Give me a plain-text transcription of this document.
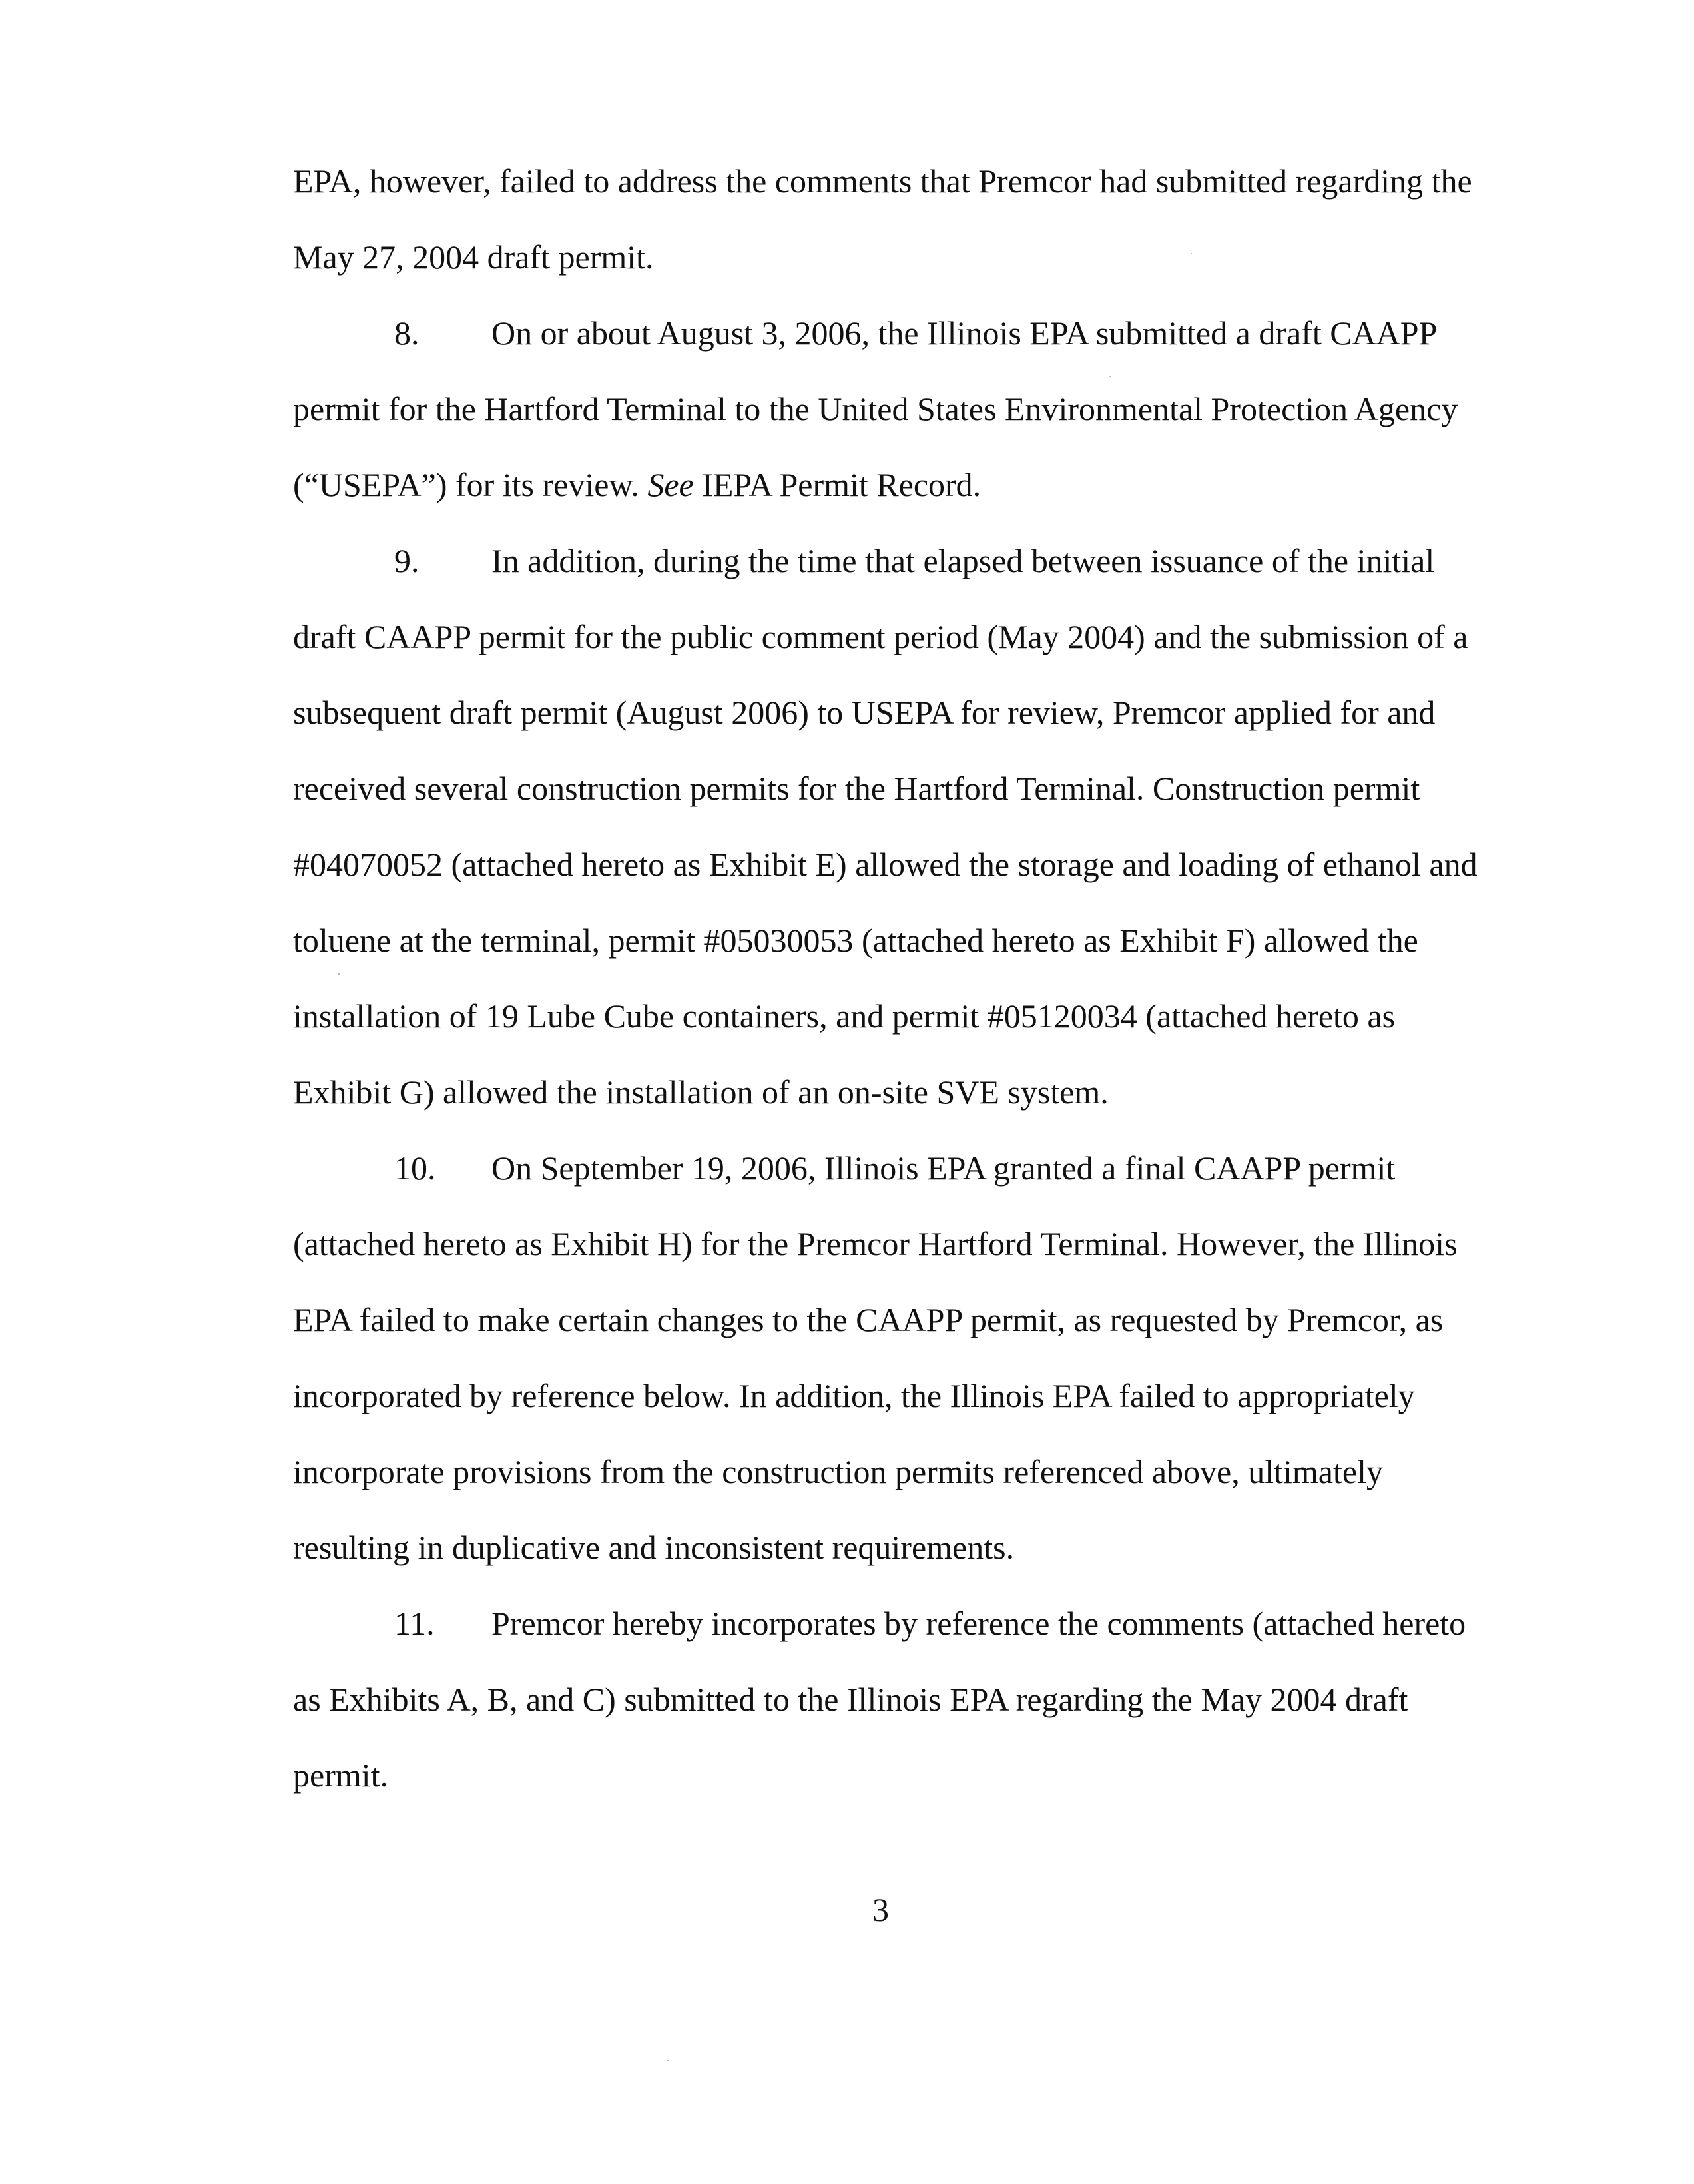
EPA, however, failed to address the comments that Premcor had submitted regarding the
May 27, 2004 draft permit.
8. On or about August 3, 2006, the Illinois EPA submitted a draft CAAPP
permit for the Hartford Terminal to the United States Environmental Protection Agency
(“USEPA”) for its review. See IEPA Permit Record.
9. In addition, during the time that elapsed between issuance of the initial
draft CAAPP permit for the public comment period (May 2004) and the submission of a
subsequent draft permit (August 2006) to USEPA for review, Premcor applied for and
received several construction permits for the Hartford Terminal. Construction permit
#04070052 (attached hereto as Exhibit E) allowed the storage and loading of ethanol and
toluene at the terminal, permit #05030053 (attached hereto as Exhibit F) allowed the
installation of 19 Lube Cube containers, and permit #05120034 (attached hereto as
Exhibit G) allowed the installation of an on-site SVE system.
10. On September 19, 2006, Illinois EPA granted a final CAAPP permit
(attached hereto as Exhibit H) for the Premcor Hartford Terminal. However, the Illinois
EPA failed to make certain changes to the CAAPP permit, as requested by Premcor, as
incorporated by reference below. In addition, the Illinois EPA failed to appropriately
incorporate provisions from the construction permits referenced above, ultimately
resulting in duplicative and inconsistent requirements.
11. Premcor hereby incorporates by reference the comments (attached hereto
as Exhibits A, B, and C) submitted to the Illinois EPA regarding the May 2004 draft
permit.
3
